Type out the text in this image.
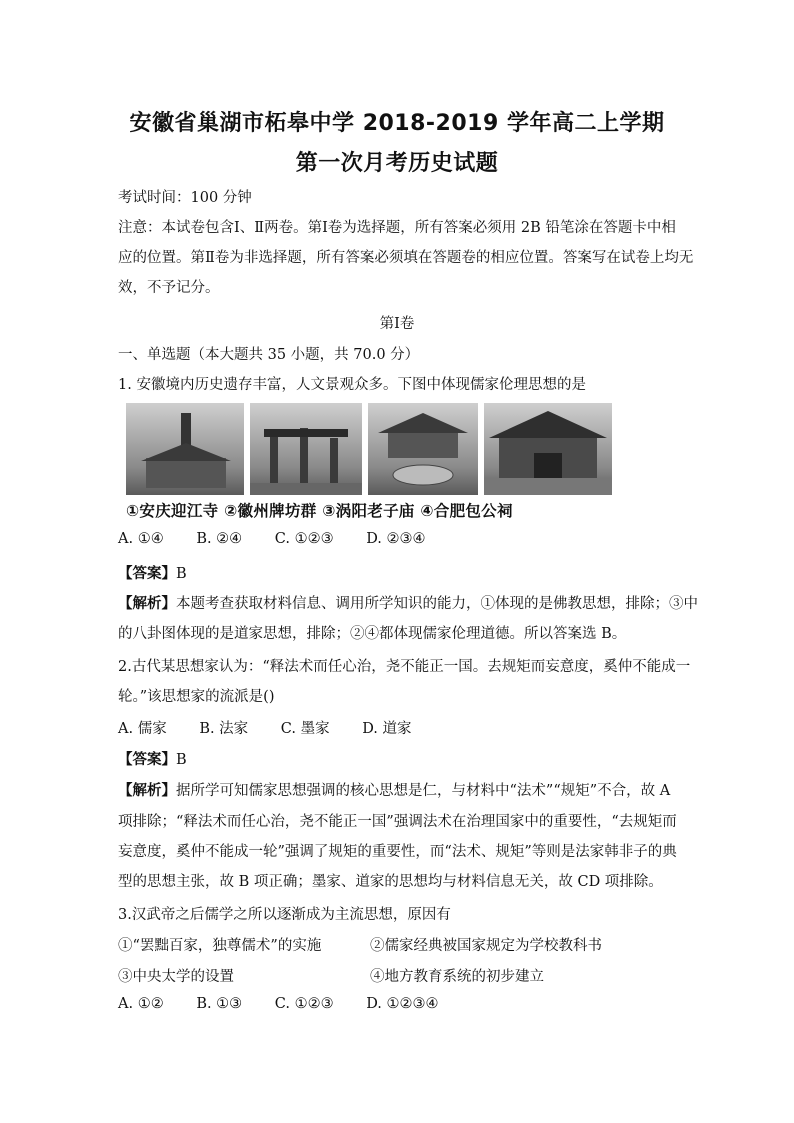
安徽省巢湖市柘皋中学 2018-2019 学年高二上学期
第一次月考历史试题
考试时间：100 分钟
注意：本试卷包含Ⅰ、Ⅱ两卷。第Ⅰ卷为选择题，所有答案必须用 2B 铅笔涂在答题卡中相
应的位置。第Ⅱ卷为非选择题，所有答案必须填在答题卷的相应位置。答案写在试卷上均无
效，不予记分。
第Ⅰ卷
一、单选题（本大题共 35 小题，共 70.0 分）
1. 安徽境内历史遗存丰富，人文景观众多。下图中体现儒家伦理思想的是
①安庆迎江寺 ②徽州牌坊群 ③涡阳老子庙 ④合肥包公祠
A. ①④ B. ②④ C. ①②③ D. ②③④
【答案】B
【解析】本题考查获取材料信息、调用所学知识的能力，①体现的是佛教思想，排除；③中
的八卦图体现的是道家思想，排除；②④都体现儒家伦理道德。所以答案选 B。
2.古代某思想家认为：“释法术而任心治，尧不能正一国。去规矩而妄意度，奚仲不能成一
轮。”该思想家的流派是()
A. 儒家 B. 法家 C. 墨家 D. 道家
【答案】B
【解析】据所学可知儒家思想强调的核心思想是仁，与材料中“法术”“规矩”不合，故 A
项排除；“释法术而任心治，尧不能正一国”强调法术在治理国家中的重要性，“去规矩而
妄意度，奚仲不能成一轮”强调了规矩的重要性，而“法术、规矩”等则是法家韩非子的典
型的思想主张，故 B 项正确；墨家、道家的思想均与材料信息无关，故 CD 项排除。
3.汉武帝之后儒学之所以逐渐成为主流思想，原因有
①“罢黜百家，独尊儒术”的实施	②儒家经典被国家规定为学校教科书
③中央太学的设置	④地方教育系统的初步建立
A. ①② B. ①③ C. ①②③ D. ①②③④
